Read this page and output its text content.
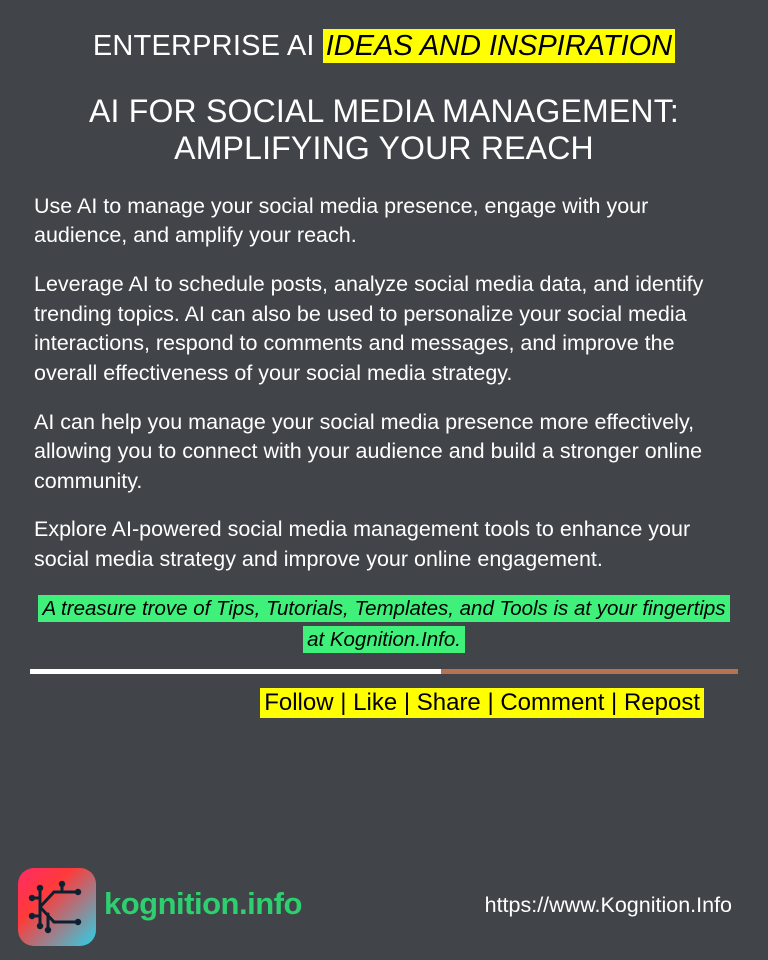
ENTERPRISE AI IDEAS AND INSPIRATION
AI FOR SOCIAL MEDIA MANAGEMENT: AMPLIFYING YOUR REACH

Use AI to manage your social media presence, engage with your audience, and amplify your reach.

Leverage AI to schedule posts, analyze social media data, and identify trending topics. AI can also be used to personalize your social media interactions, respond to comments and messages, and improve the overall effectiveness of your social media strategy.

AI can help you manage your social media presence more effectively, allowing you to connect with your audience and build a stronger online community.

Explore AI-powered social media management tools to enhance your social media strategy and improve your online engagement.

A treasure trove of Tips, Tutorials, Templates, and Tools is at your fingertips at Kognition.Info.
Follow | Like | Share | Comment | Repost
kognition.info	https://www.Kognition.Info
